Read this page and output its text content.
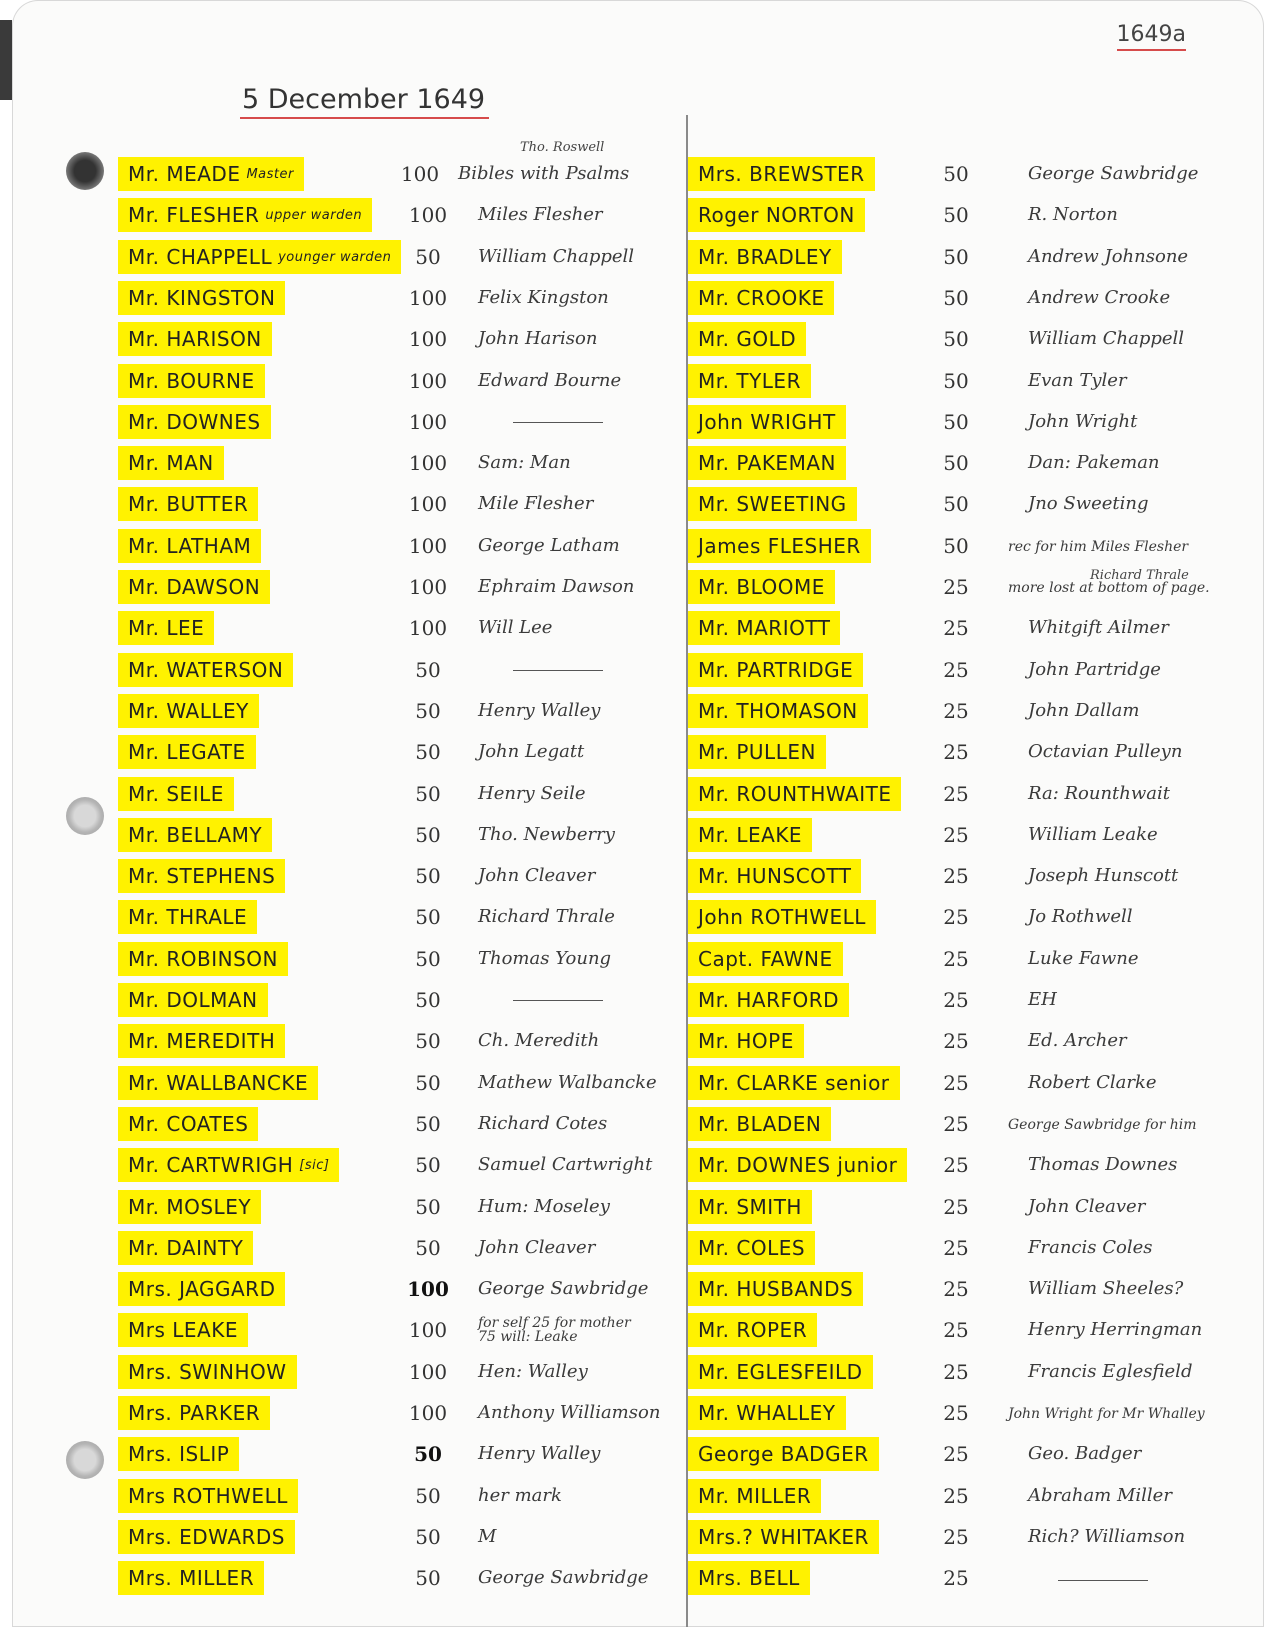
1649a
5 December 1649
Tho. Roswell
Richard Thrale
Mr. MEADE Master	100	Bibles with Psalms
Mr. FLESHER upper warden	100	Miles Flesher
Mr. CHAPPELL younger warden	50	William Chappell
Mr. KINGSTON	100	Felix Kingston
Mr. HARISON	100	John Harison
Mr. BOURNE	100	Edward Bourne
Mr. DOWNES	100
Mr. MAN	100	Sam: Man
Mr. BUTTER	100	Mile Flesher
Mr. LATHAM	100	George Latham
Mr. DAWSON	100	Ephraim Dawson
Mr. LEE	100	Will Lee
Mr. WATERSON	50
Mr. WALLEY	50	Henry Walley
Mr. LEGATE	50	John Legatt
Mr. SEILE	50	Henry Seile
Mr. BELLAMY	50	Tho. Newberry
Mr. STEPHENS	50	John Cleaver
Mr. THRALE	50	Richard Thrale
Mr. ROBINSON	50	Thomas Young
Mr. DOLMAN	50
Mr. MEREDITH	50	Ch. Meredith
Mr. WALLBANCKE	50	Mathew Walbancke
Mr. COATES	50	Richard Cotes
Mr. CARTWRIGH [sic]	50	Samuel Cartwright
Mr. MOSLEY	50	Hum: Moseley
Mr. DAINTY	50	John Cleaver
Mrs. JAGGARD	100	George Sawbridge
Mrs LEAKE	100	for self 25 for mother 75 will: Leake
Mrs. SWINHOW	100	Hen: Walley
Mrs. PARKER	100	Anthony Williamson
Mrs. ISLIP	50	Henry Walley
Mrs ROTHWELL	50	her mark
Mrs. EDWARDS	50	M
Mrs. MILLER	50	George Sawbridge
Mrs. BREWSTER	50	George Sawbridge
Roger NORTON	50	R. Norton
Mr. BRADLEY	50	Andrew Johnsone
Mr. CROOKE	50	Andrew Crooke
Mr. GOLD	50	William Chappell
Mr. TYLER	50	Evan Tyler
John WRIGHT	50	John Wright
Mr. PAKEMAN	50	Dan: Pakeman
Mr. SWEETING	50	Jno Sweeting
James FLESHER	50	rec for him Miles Flesher
Mr. BLOOME	25	more lost at bottom of page.
Mr. MARIOTT	25	Whitgift Ailmer
Mr. PARTRIDGE	25	John Partridge
Mr. THOMASON	25	John Dallam
Mr. PULLEN	25	Octavian Pulleyn
Mr. ROUNTHWAITE	25	Ra: Rounthwait
Mr. LEAKE	25	William Leake
Mr. HUNSCOTT	25	Joseph Hunscott
John ROTHWELL	25	Jo Rothwell
Capt. FAWNE	25	Luke Fawne
Mr. HARFORD	25	EH
Mr. HOPE	25	Ed. Archer
Mr. CLARKE senior	25	Robert Clarke
Mr. BLADEN	25	George Sawbridge for him
Mr. DOWNES junior	25	Thomas Downes
Mr. SMITH	25	John Cleaver
Mr. COLES	25	Francis Coles
Mr. HUSBANDS	25	William Sheeles?
Mr. ROPER	25	Henry Herringman
Mr. EGLESFEILD	25	Francis Eglesfield
Mr. WHALLEY	25	John Wright for Mr Whalley
George BADGER	25	Geo. Badger
Mr. MILLER	25	Abraham Miller
Mrs.? WHITAKER	25	Rich? Williamson
Mrs. BELL	25
